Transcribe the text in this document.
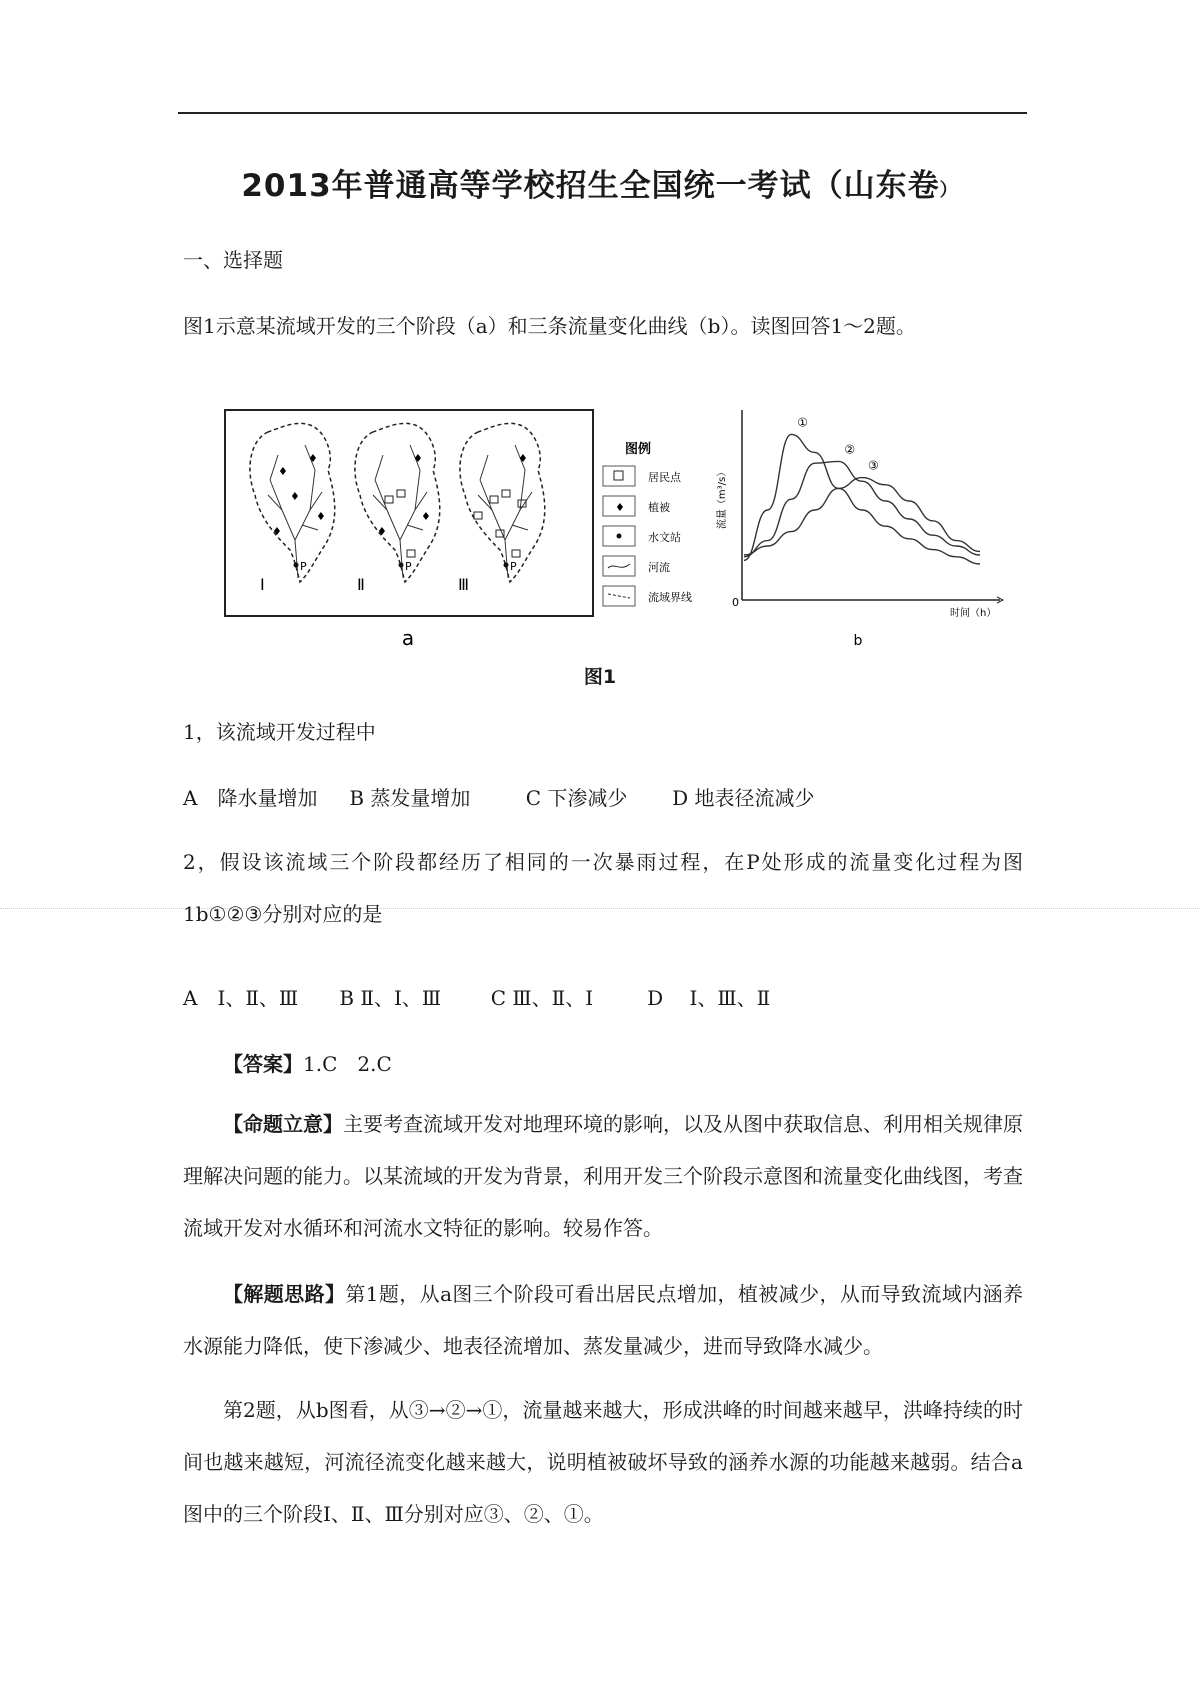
2013年普通高等学校招生全国统一考试（山东卷）
一、选择题
图1示意某流域开发的三个阶段（a）和三条流量变化曲线（b）。读图回答1～2题。
♦
♦
♦
♦
♦
P
Ⅰ
♦
♦
♦
P
Ⅱ
♦
P
Ⅲ
图例
居民点
♦ 植被
水文站
河流
流域界线
a
流量（m³/s）
时间（h）
0
①
②
③
b
图1
1，该流域开发过程中
A　降水量增加 B 蒸发量增加	C 下渗减少 D 地表径流减少
2，假设该流域三个阶段都经历了相同的一次暴雨过程，在P处形成的流量变化过程为图1b①②③分别对应的是
A　Ⅰ、Ⅱ、Ⅲ B Ⅱ、Ⅰ、Ⅲ C Ⅲ、Ⅱ、Ⅰ	D　 Ⅰ、Ⅲ、Ⅱ
【答案】1.C　2.C
【命题立意】主要考查流域开发对地理环境的影响，以及从图中获取信息、利用相关规律原理解决问题的能力。以某流域的开发为背景，利用开发三个阶段示意图和流量变化曲线图，考查流域开发对水循环和河流水文特征的影响。较易作答。
【解题思路】第1题，从a图三个阶段可看出居民点增加，植被减少，从而导致流域内涵养水源能力降低，使下渗减少、地表径流增加、蒸发量减少，进而导致降水减少。
第2题，从b图看，从③→②→①，流量越来越大，形成洪峰的时间越来越早，洪峰持续的时间也越来越短，河流径流变化越来越大，说明植被破坏导致的涵养水源的功能越来越弱。结合a图中的三个阶段Ⅰ、Ⅱ、Ⅲ分别对应③、②、①。
